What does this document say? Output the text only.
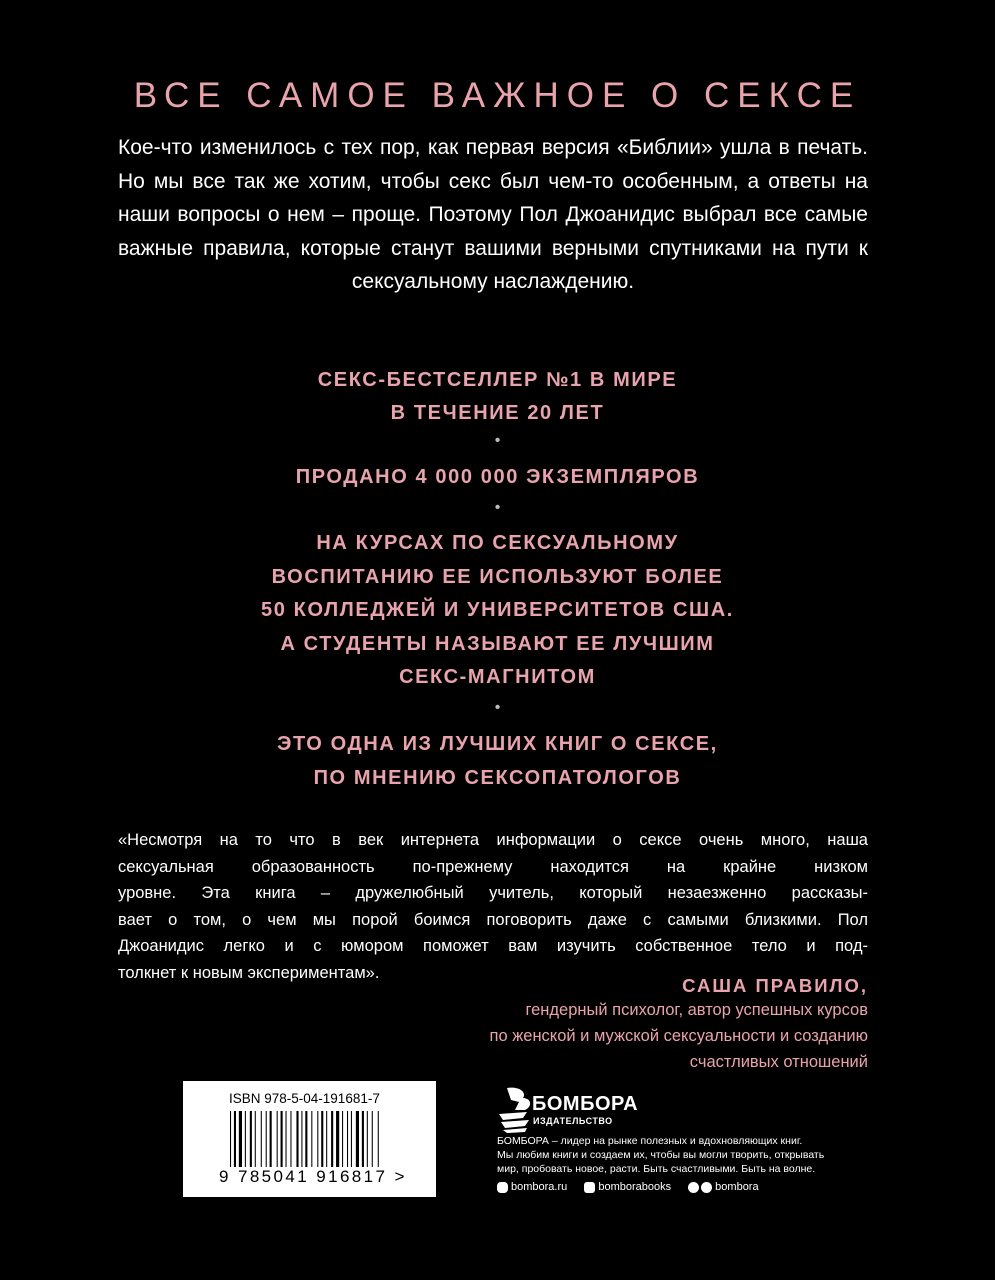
ВСЕ САМОЕ ВАЖНОЕ О СЕКСЕ
Кое-что изменилось с тех пор, как первая версия «Библии» ушла в печать. Но мы все так же хотим, чтобы секс был чем-то особенным, а ответы на наши вопросы о нем – проще. Поэтому Пол Джоанидис выбрал все самые важные правила, которые станут вашими верными спутниками на пути к сексуальному наслаждению.
СЕКС-БЕСТСЕЛЛЕР №1 В МИРЕ
В ТЕЧЕНИЕ 20 ЛЕТ
•
ПРОДАНО 4 000 000 ЭКЗЕМПЛЯРОВ
•
НА КУРСАХ ПО СЕКСУАЛЬНОМУ
ВОСПИТАНИЮ ЕЕ ИСПОЛЬЗУЮТ БОЛЕЕ
50 КОЛЛЕДЖЕЙ И УНИВЕРСИТЕТОВ США.
А СТУДЕНТЫ НАЗЫВАЮТ ЕЕ ЛУЧШИМ
СЕКС-МАГНИТОМ
•
ЭТО ОДНА ИЗ ЛУЧШИХ КНИГ О СЕКСЕ,
ПО МНЕНИЮ СЕКСОПАТОЛОГОВ
«Несмотря на то что в век интернета информации о сексе очень много, наша
сексуальная образованность по-прежнему находится на крайне низком
уровне. Эта книга – дружелюбный учитель, который незаезженно рассказы-
вает о том, о чем мы порой боимся поговорить даже с самыми близкими. Пол
Джоанидис легко и с юмором поможет вам изучить собственное тело и под-
толкнет к новым экспериментам».
САША ПРАВИЛО,
гендерный психолог, автор успешных курсов
по женской и мужской сексуальности и созданию
счастливых отношений
ISBN 978-5-04-191681-7
9 785041 916817 >
БОМБОРА
ИЗДАТЕЛЬСТВО
БОМБОРА – лидер на рынке полезных и вдохновляющих книг.
Мы любим книги и создаем их, чтобы вы могли творить, открывать
мир, пробовать новое, расти. Быть счастливыми. Быть на волне.
bombora.ru
	bomborabooks
	bombora
